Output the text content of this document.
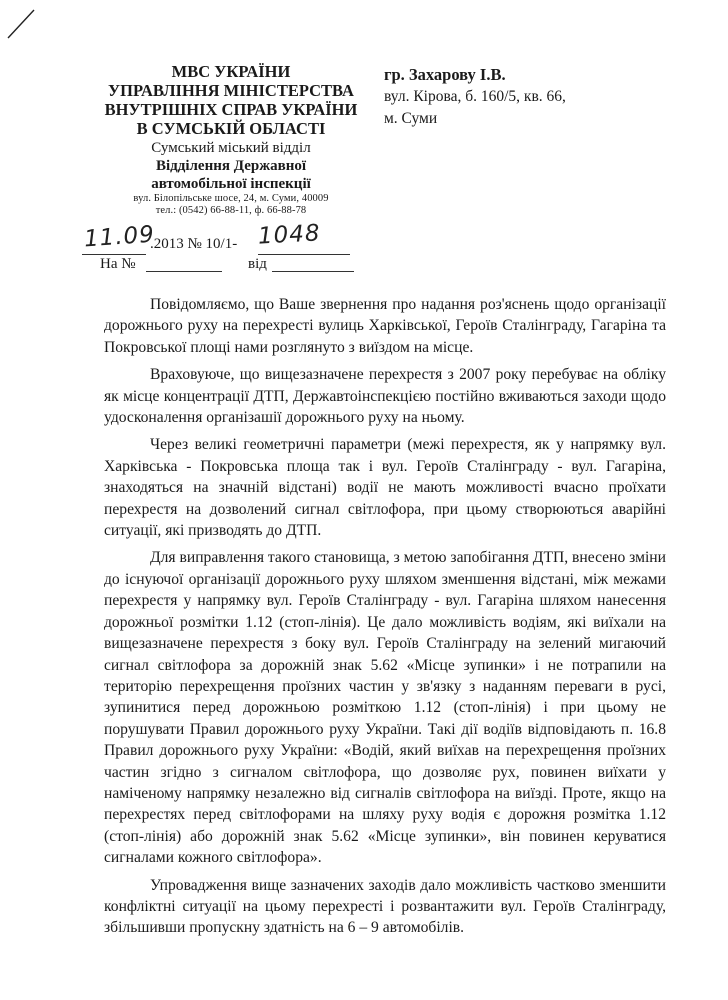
МВС УКРАЇНИ
УПРАВЛІННЯ МІНІСТЕРСТВА
ВНУТРІШНІХ СПРАВ УКРАЇНИ
В СУМСЬКІЙ ОБЛАСТІ
Сумський міський відділ
Відділення Державної
автомобільної інспекції
вул. Білопільське шосе, 24, м. Суми, 40009
тел.: (0542) 66-88-11, ф. 66-88-78
гр. Захарову І.В.
вул. Кірова, б. 160/5, кв. 66,
м. Суми
11.09
.2013 № 10/1- 1048
На №	від

Повідомляємо, що Ваше звернення про надання роз'яснень щодо організації дорожнього руху на перехресті вулиць Харківської, Героїв Сталінграду, Гагаріна та Покровської площі нами розглянуто з виїздом на місце.

Враховуюче, що вищезазначене перехрестя з 2007 року перебуває на обліку як місце концентрації ДТП, Державтоінспекцією постійно вживаються заходи щодо удосконалення організашії дорожнього руху на ньому.

Через великі геометричні параметри (межі перехрестя, як у напрямку вул. Харківська - Покровська площа так і вул. Героїв Сталінграду - вул. Гагаріна, знаходяться на значній відстані) водії не мають можливості вчасно проїхати перехрестя на дозволений сигнал світлофора, при цьому створюються аварійні ситуації, які призводять до ДТП.

Для виправлення такого становища, з метою запобігання ДТП, внесено зміни до існуючої організації дорожнього руху шляхом зменшення відстані, між межами перехрестя у напрямку вул. Героїв Сталінграду - вул. Гагаріна шляхом нанесення дорожньої розмітки 1.12 (стоп-лінія). Це дало можливість водіям, які виїхали на вищезазначене перехрестя з боку вул. Героїв Сталінграду на зелений мигаючий сигнал світлофора за дорожній знак 5.62 «Місце зупинки» і не потрапили на територію перехрещення проїзних частин у зв'язку з наданням переваги в русі, зупинитися перед дорожньою розміткою 1.12 (стоп-лінія) і при цьому не порушувати Правил дорожнього руху України. Такі дії водіїв відповідають п. 16.8 Правил дорожнього руху України: «Водій, який виїхав на перехрещення проїзних частин згідно з сигналом світлофора, що дозволяє рух, повинен виїхати у наміченому напрямку незалежно від сигналів світлофора на виїзді. Проте, якщо на перехрестях перед світлофорами на шляху руху водія є дорожня розмітка 1.12 (стоп-лінія) або дорожній знак 5.62 «Місце зупинки», він повинен керуватися сигналами кожного світлофора».

Упровадження вище зазначених заходів дало можливість частково зменшити конфліктні ситуації на цьому перехресті і розвантажити вул. Героїв Сталінграду, збільшивши пропускну здатність на 6 – 9 автомобілів.
